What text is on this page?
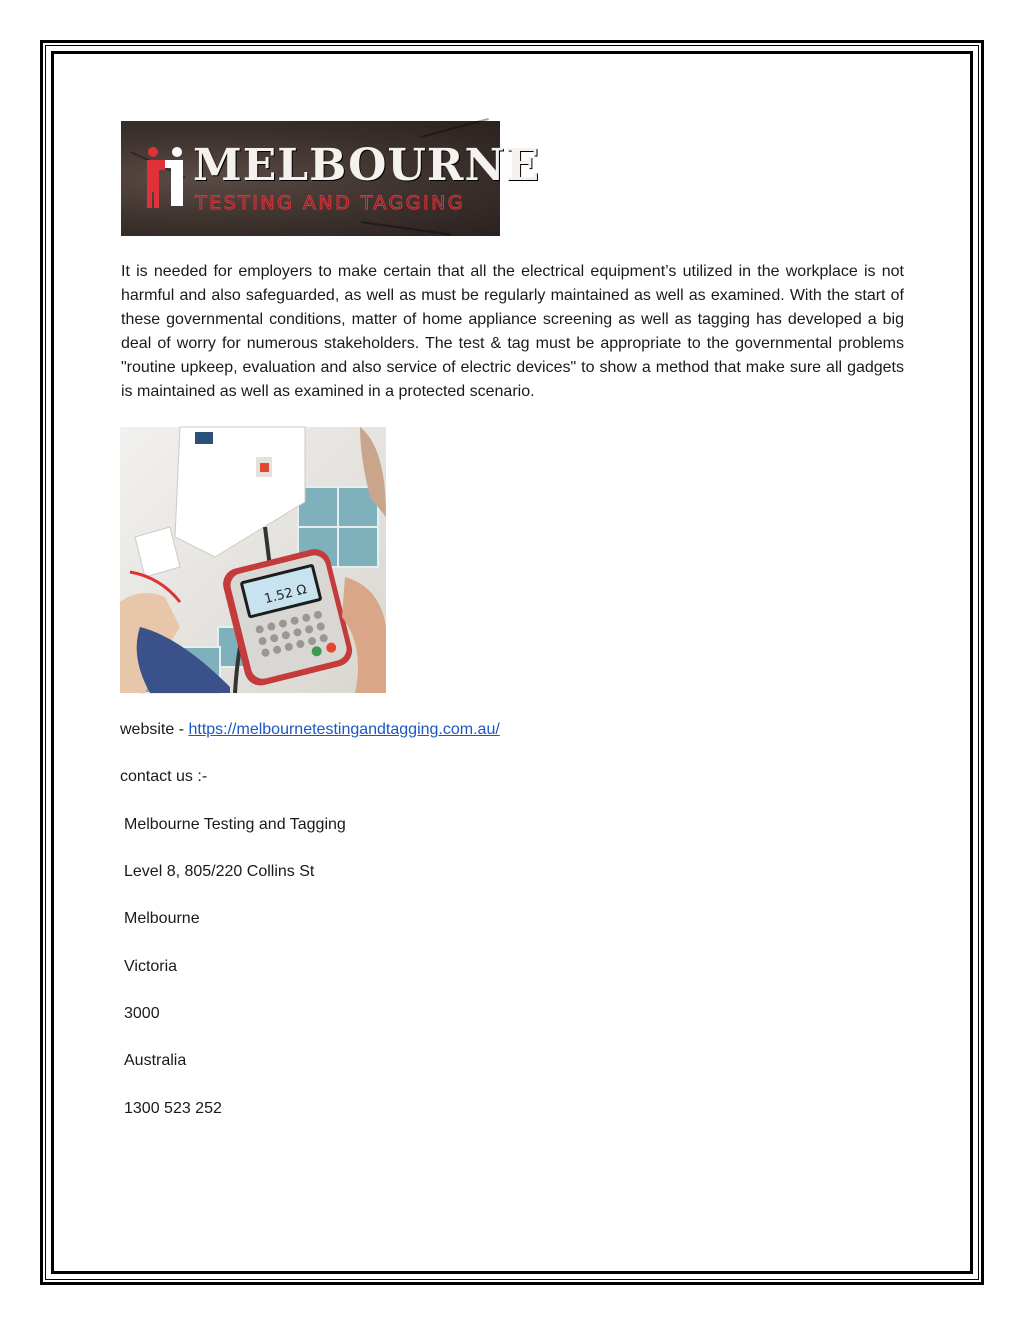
MELBOURNE
TESTING AND TAGGING

It is needed for employers to make certain that all the electrical equipment’s utilized in the workplace is not harmful and also safeguarded, as well as must be regularly maintained as well as examined. With the start of these governmental conditions, matter of home appliance screening as well as tagging has developed a big deal of worry for numerous stakeholders. The test & tag must be appropriate to the governmental problems "routine upkeep, evaluation and also service of electric devices" to show a method that make sure all gadgets is maintained as well as examined in a protected scenario.

1.52 Ω

website - https://melbournetestingandtagging.com.au/

contact us :-

Melbourne Testing and Tagging

Level 8, 805/220 Collins St

Melbourne

Victoria

3000

Australia

1300 523 252
